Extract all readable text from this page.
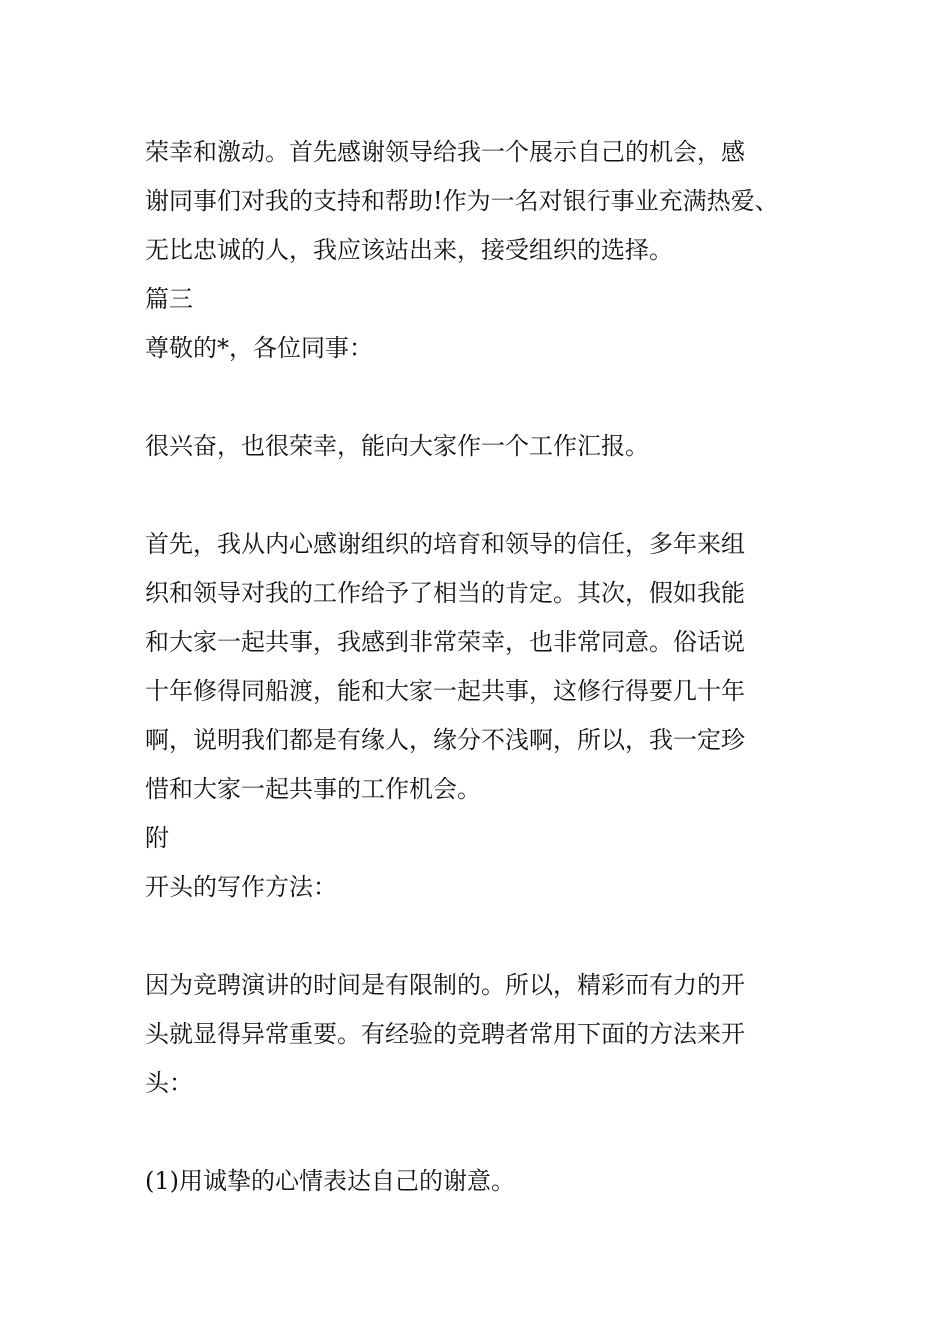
荣幸和激动。首先感谢领导给我一个展示自己的机会，感
谢同事们对我的支持和帮助!作为一名对银行事业充满热爱、
无比忠诚的人，我应该站出来，接受组织的选择。
篇三
尊敬的*，各位同事：
很兴奋，也很荣幸，能向大家作一个工作汇报。
首先，我从内心感谢组织的培育和领导的信任，多年来组
织和领导对我的工作给予了相当的肯定。其次，假如我能
和大家一起共事，我感到非常荣幸，也非常同意。俗话说
十年修得同船渡，能和大家一起共事，这修行得要几十年
啊，说明我们都是有缘人，缘分不浅啊，所以，我一定珍
惜和大家一起共事的工作机会。
附
开头的写作方法：
因为竞聘演讲的时间是有限制的。所以，精彩而有力的开
头就显得异常重要。有经验的竞聘者常用下面的方法来开
头：
(1)用诚挚的心情表达自己的谢意。
